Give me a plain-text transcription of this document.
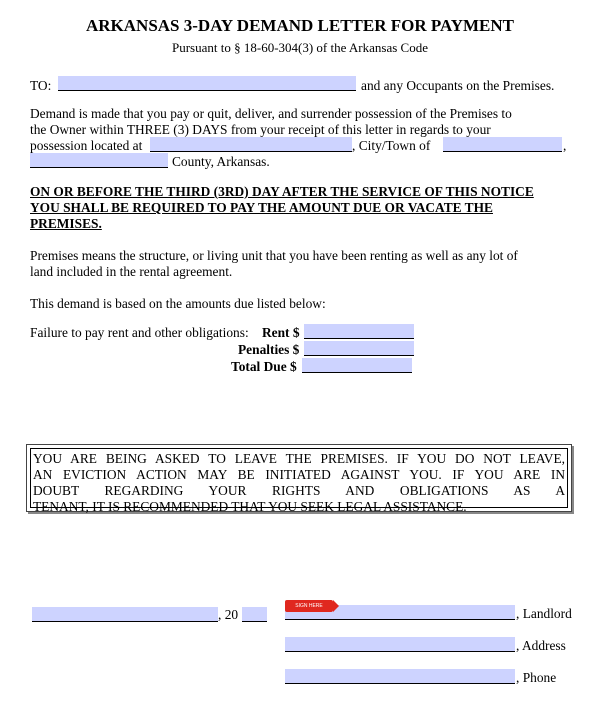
ARKANSAS 3-DAY DEMAND LETTER FOR PAYMENT
Pursuant to § 18-60-304(3) of the Arkansas Code
TO:	and any Occupants on the Premises.
Demand is made that you pay or quit, deliver, and surrender possession of the Premises to
the Owner within THREE (3) DAYS from your receipt of this letter in regards to your
possession located at	, City/Town of	,
County, Arkansas.
ON OR BEFORE THE THIRD (3RD) DAY AFTER THE SERVICE OF THIS NOTICE
YOU SHALL BE REQUIRED TO PAY THE AMOUNT DUE OR VACATE THE
PREMISES.
Premises means the structure, or living unit that you have been renting as well as any lot of
land included in the rental agreement.
This demand is based on the amounts due listed below:
Failure to pay rent and other obligations: Rent $
Penalties $
Total Due $
YOU ARE BEING ASKED TO LEAVE THE PREMISES. IF YOU DO NOT LEAVE,
AN EVICTION ACTION MAY BE INITIATED AGAINST YOU. IF YOU ARE IN
DOUBT REGARDING YOUR RIGHTS AND OBLIGATIONS AS A
TENANT, IT IS RECOMMENDED THAT YOU SEEK LEGAL ASSISTANCE.
, 20
SIGN HERE	, Landlord
, Address
, Phone
